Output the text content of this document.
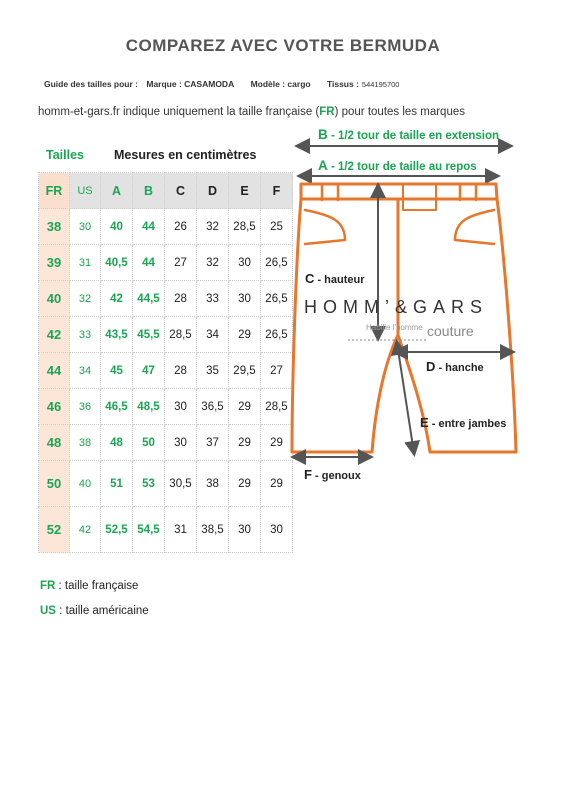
COMPAREZ AVEC VOTRE BERMUDA
Guide des tailles pour : Marque : CASAMODA Modèle : cargo Tissus : 544195700
homm-et-gars.fr indique uniquement la taille française (FR) pour toutes les marques
Tailles Mesures en centimètres
FR	US	A	B	C	D	E	F
38	30	40	44	26	32	28,5	25
39	31	40,5	44	27	32	30	26,5
40	32	42	44,5	28	33	30	26,5
42	33	43,5	45,5	28,5	34	29	26,5
44	34	45	47	28	35	29,5	27
46	36	46,5	48,5	30	36,5	29	28,5
48	38	48	50	30	37	29	29
50	40	51	53	30,5	38	29	29
52	42	52,5	54,5	31	38,5	30	30
FR : taille française
US : taille américaine
B - 1/2 tour de taille en extension
A - 1/2 tour de taille au repos
C - hauteur
HOMM’&GARS
Habille l'homme couture
D - hanche
E - entre jambes
F - genoux
